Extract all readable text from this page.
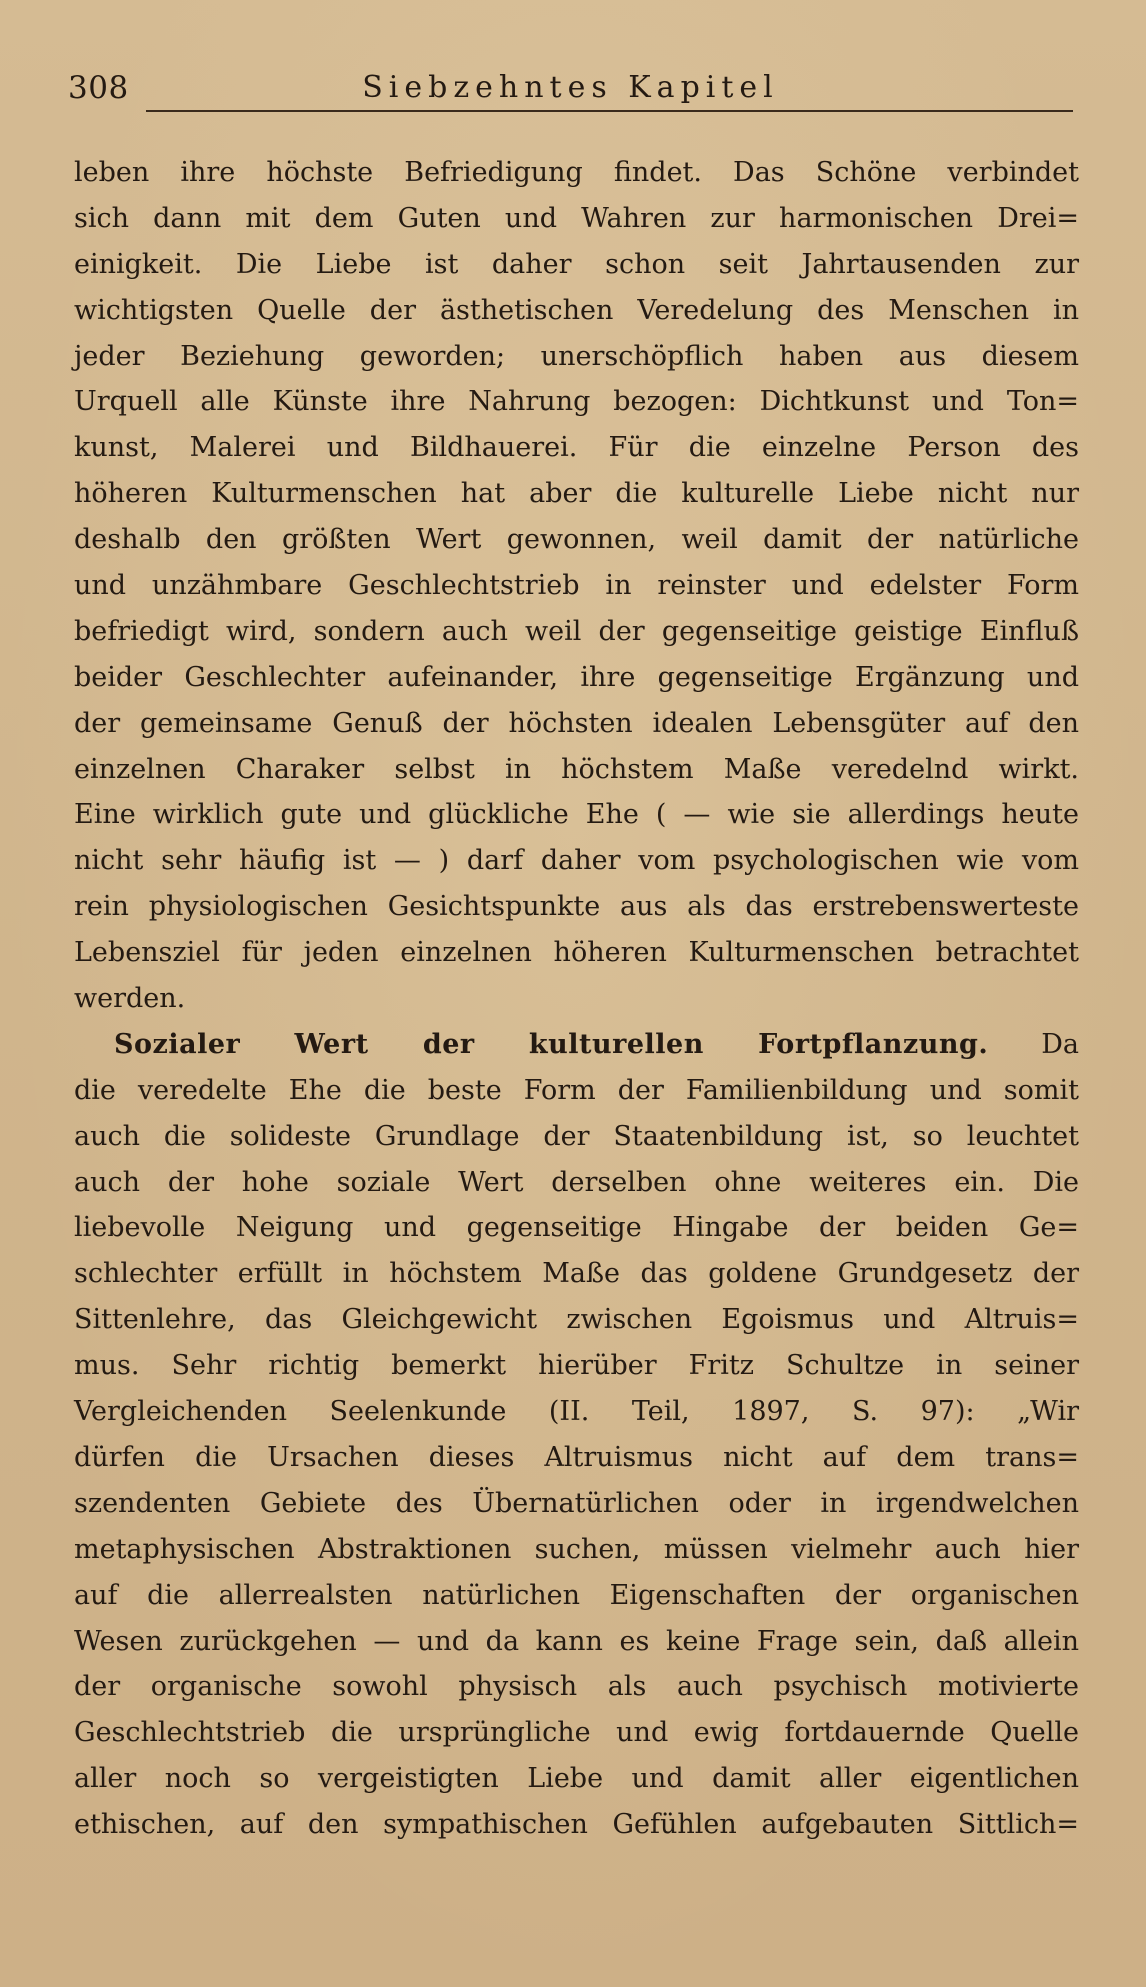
308	Siebzehntes Kapitel
leben ihre höchste Befriedigung findet. Das Schöne verbindet
sich dann mit dem Guten und Wahren zur harmonischen Drei=
einigkeit. Die Liebe ist daher schon seit Jahrtausenden zur
wichtigsten Quelle der ästhetischen Veredelung des Menschen in
jeder Beziehung geworden; unerschöpflich haben aus diesem
Urquell alle Künste ihre Nahrung bezogen: Dichtkunst und Ton=
kunst, Malerei und Bildhauerei. Für die einzelne Person des
höheren Kulturmenschen hat aber die kulturelle Liebe nicht nur
deshalb den größten Wert gewonnen, weil damit der natürliche
und unzähmbare Geschlechtstrieb in reinster und edelster Form
befriedigt wird, sondern auch weil der gegenseitige geistige Einfluß
beider Geschlechter aufeinander, ihre gegenseitige Ergänzung und
der gemeinsame Genuß der höchsten idealen Lebensgüter auf den
einzelnen Charaker selbst in höchstem Maße veredelnd wirkt.
Eine wirklich gute und glückliche Ehe ( — wie sie allerdings heute
nicht sehr häufig ist — ) darf daher vom psychologischen wie vom
rein physiologischen Gesichtspunkte aus als das erstrebenswerteste
Lebensziel für jeden einzelnen höheren Kulturmenschen betrachtet
werden.
Sozialer Wert der kulturellen Fortpflanzung. Da
die veredelte Ehe die beste Form der Familienbildung und somit
auch die solideste Grundlage der Staatenbildung ist, so leuchtet
auch der hohe soziale Wert derselben ohne weiteres ein. Die
liebevolle Neigung und gegenseitige Hingabe der beiden Ge=
schlechter erfüllt in höchstem Maße das goldene Grundgesetz der
Sittenlehre, das Gleichgewicht zwischen Egoismus und Altruis=
mus. Sehr richtig bemerkt hierüber Fritz Schultze in seiner
Vergleichenden Seelenkunde (II. Teil, 1897, S. 97): „Wir
dürfen die Ursachen dieses Altruismus nicht auf dem trans=
szendenten Gebiete des Übernatürlichen oder in irgendwelchen
metaphysischen Abstraktionen suchen, müssen vielmehr auch hier
auf die allerrealsten natürlichen Eigenschaften der organischen
Wesen zurückgehen — und da kann es keine Frage sein, daß allein
der organische sowohl physisch als auch psychisch motivierte
Geschlechtstrieb die ursprüngliche und ewig fortdauernde Quelle
aller noch so vergeistigten Liebe und damit aller eigentlichen
ethischen, auf den sympathischen Gefühlen aufgebauten Sittlich=
